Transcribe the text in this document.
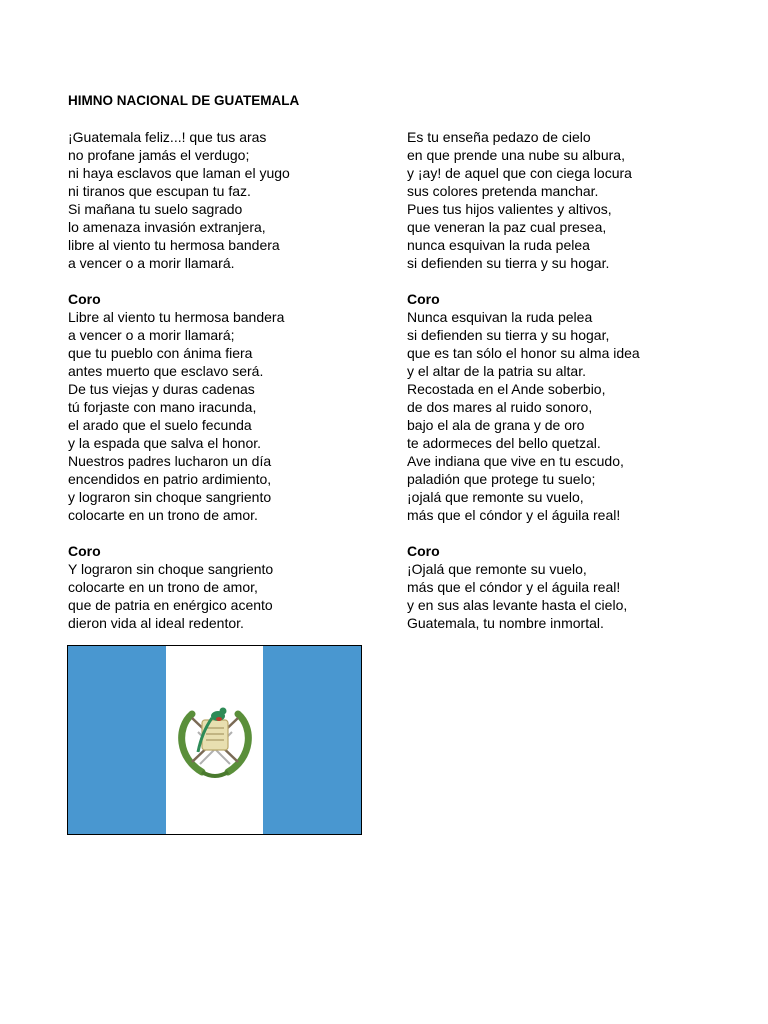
HIMNO NACIONAL DE GUATEMALA
¡Guatemala feliz...! que tus aras
no profane jamás el verdugo;
ni haya esclavos que laman el yugo
ni tiranos que escupan tu faz.
Si mañana tu suelo sagrado
lo amenaza invasión extranjera,
libre al viento tu hermosa bandera
a vencer o a morir llamará.
Coro
Libre al viento tu hermosa bandera
a vencer o a morir llamará;
que tu pueblo con ánima fiera
antes muerto que esclavo será.
De tus viejas y duras cadenas
tú forjaste con mano iracunda,
el arado que el suelo fecunda
y la espada que salva el honor.
Nuestros padres lucharon un día
encendidos en patrio ardimiento,
y lograron sin choque sangriento
colocarte en un trono de amor.
Coro
Y lograron sin choque sangriento
colocarte en un trono de amor,
que de patria en enérgico acento
dieron vida al ideal redentor.
Es tu enseña pedazo de cielo
en que prende una nube su albura,
y ¡ay! de aquel que con ciega locura
sus colores pretenda manchar.
Pues tus hijos valientes y altivos,
que veneran la paz cual presea,
nunca esquivan la ruda pelea
si defienden su tierra y su hogar.
Coro
Nunca esquivan la ruda pelea
si defienden su tierra y su hogar,
que es tan sólo el honor su alma idea
y el altar de la patria su altar.
Recostada en el Ande soberbio,
de dos mares al ruido sonoro,
bajo el ala de grana y de oro
te adormeces del bello quetzal.
Ave indiana que vive en tu escudo,
paladión que protege tu suelo;
¡ojalá que remonte su vuelo,
más que el cóndor y el águila real!
Coro
¡Ojalá que remonte su vuelo,
más que el cóndor y el águila real!
y en sus alas levante hasta el cielo,
Guatemala, tu nombre inmortal.
